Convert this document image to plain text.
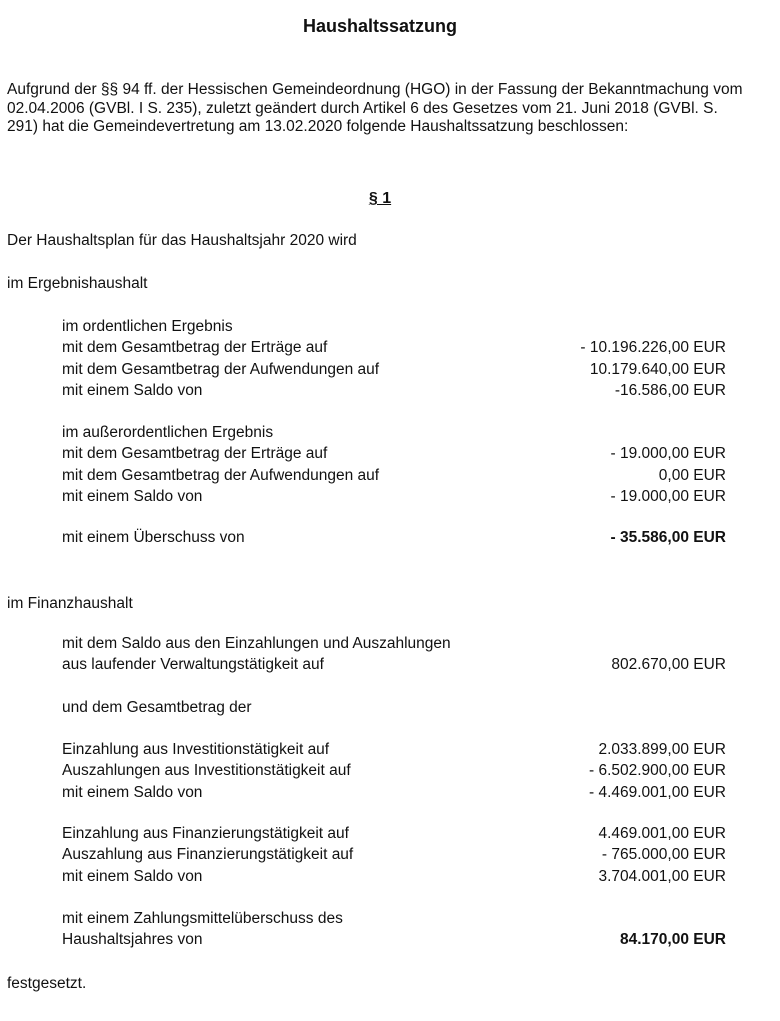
Haushaltssatzung
Aufgrund der §§ 94 ff. der Hessischen Gemeindeordnung (HGO) in der Fassung der Bekanntmachung vom 02.04.2006 (GVBl. I S. 235), zuletzt geändert durch Artikel 6 des Gesetzes vom 21. Juni 2018 (GVBl. S. 291) hat die Gemeindevertretung am 13.02.2020 folgende Haushaltssatzung beschlossen:
§ 1
Der Haushaltsplan für das Haushaltsjahr 2020 wird
im Ergebnishaushalt
im ordentlichen Ergebnis
mit dem Gesamtbetrag der Erträge auf	- 10.196.226,00 EUR
mit dem Gesamtbetrag der Aufwendungen auf	10.179.640,00 EUR
mit einem Saldo von	-16.586,00 EUR
im außerordentlichen Ergebnis
mit dem Gesamtbetrag der Erträge auf	- 19.000,00 EUR
mit dem Gesamtbetrag der Aufwendungen auf	0,00 EUR
mit einem Saldo von	- 19.000,00 EUR
mit einem Überschuss von	- 35.586,00 EUR
im Finanzhaushalt
mit dem Saldo aus den Einzahlungen und Auszahlungen
aus laufender Verwaltungstätigkeit auf	802.670,00 EUR
und dem Gesamtbetrag der
Einzahlung aus Investitionstätigkeit auf	2.033.899,00 EUR
Auszahlungen aus Investitionstätigkeit auf	- 6.502.900,00 EUR
mit einem Saldo von	- 4.469.001,00 EUR
Einzahlung aus Finanzierungstätigkeit auf	4.469.001,00 EUR
Auszahlung aus Finanzierungstätigkeit auf	- 765.000,00 EUR
mit einem Saldo von	3.704.001,00 EUR
mit einem Zahlungsmittelüberschuss des
Haushaltsjahres von	84.170,00 EUR
festgesetzt.
